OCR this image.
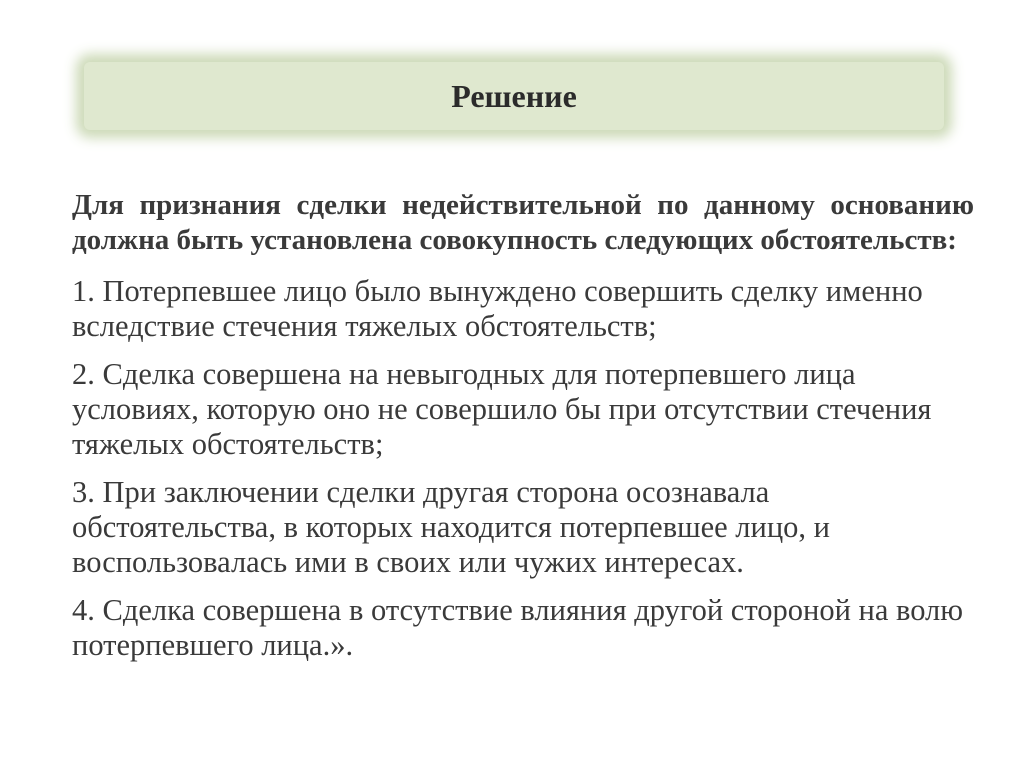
Решение

Для признания сделки недействительной по данному основанию должна быть установлена совокупность следующих обстоятельств:

1. Потерпевшее лицо было вынуждено совершить сделку именно вследствие стечения тяжелых обстоятельств;

2. Сделка совершена на невыгодных для потерпевшего лица условиях, которую оно не совершило бы при отсутствии стечения тяжелых обстоятельств;

3. При заключении сделки другая сторона осознавала обстоятельства, в которых находится потерпевшее лицо, и воспользовалась ими в своих или чужих интересах.

4. Сделка совершена в отсутствие влияния другой стороной на волю потерпевшего лица.».
